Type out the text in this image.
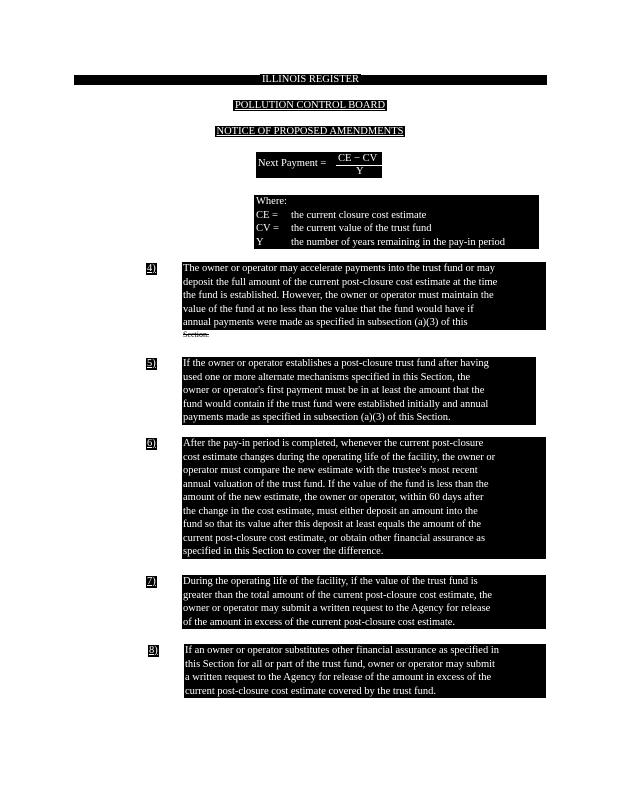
ILLINOIS REGISTER
POLLUTION CONTROL BOARD
NOTICE OF PROPOSED AMENDMENTS
Next Payment = CE − CV
Y
Where:
CE = the current closure cost estimate
CV = the current value of the trust fund
Y	the number of years remaining in the pay-in period
4)	The owner or operator may accelerate payments into the trust fund or may
deposit the full amount of the current post-closure cost estimate at the time
the fund is established. However, the owner or operator must maintain the
value of the fund at no less than the value that the fund would have if
annual payments were made as specified in subsection (a)(3) of this
Section.
5)	If the owner or operator establishes a post-closure trust fund after having
used one or more alternate mechanisms specified in this Section, the
owner or operator's first payment must be in at least the amount that the
fund would contain if the trust fund were established initially and annual
payments made as specified in subsection (a)(3) of this Section.
6)	After the pay-in period is completed, whenever the current post-closure
cost estimate changes during the operating life of the facility, the owner or
operator must compare the new estimate with the trustee's most recent
annual valuation of the trust fund. If the value of the fund is less than the
amount of the new estimate, the owner or operator, within 60 days after
the change in the cost estimate, must either deposit an amount into the
fund so that its value after this deposit at least equals the amount of the
current post-closure cost estimate, or obtain other financial assurance as
specified in this Section to cover the difference.
7)	During the operating life of the facility, if the value of the trust fund is
greater than the total amount of the current post-closure cost estimate, the
owner or operator may submit a written request to the Agency for release
of the amount in excess of the current post-closure cost estimate.
8)	If an owner or operator substitutes other financial assurance as specified in
this Section for all or part of the trust fund, owner or operator may submit
a written request to the Agency for release of the amount in excess of the
current post-closure cost estimate covered by the trust fund.
